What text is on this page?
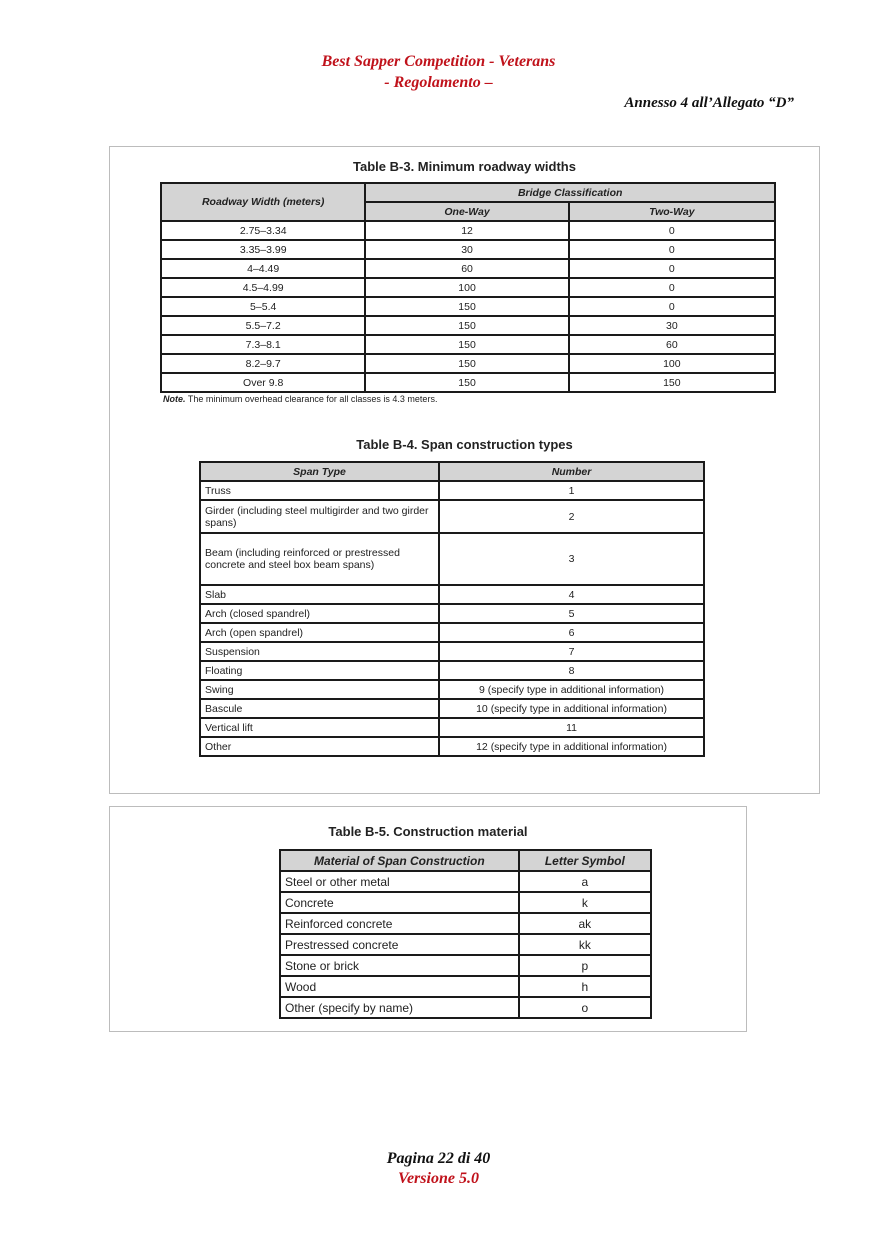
Best Sapper Competition - Veterans
- Regolamento –
Annesso 4 all’Allegato “D”
Table B-3. Minimum roadway widths
Roadway Width (meters)	Bridge Classification	
	One-Way	Two-Way
2.75–3.34	12	0
3.35–3.99	30	0
4–4.49	60	0
4.5–4.99	100	0
5–5.4	150	0
5.5–7.2	150	30
7.3–8.1	150	60
8.2–9.7	150	100
Over 9.8	150	150
Note. The minimum overhead clearance for all classes is 4.3 meters.		
Table B-4. Span construction types
Span Type	Number
Truss	1
Girder (including steel multigirder and two girder spans)	2
Beam (including reinforced or prestressed concrete and steel box beam spans)	3
Slab	4
Arch (closed spandrel)	5
Arch (open spandrel)	6
Suspension	7
Floating	8
Swing	9 (specify type in additional information)
Bascule	10 (specify type in additional information)
Vertical lift	11
Other	12 (specify type in additional information)
Table B-5. Construction material
Material of Span Construction	Letter Symbol
Steel or other metal	a
Concrete	k
Reinforced concrete	ak
Prestressed concrete	kk
Stone or brick	p
Wood	h
Other (specify by name)	o
Pagina 22 di 40
Versione 5.0
